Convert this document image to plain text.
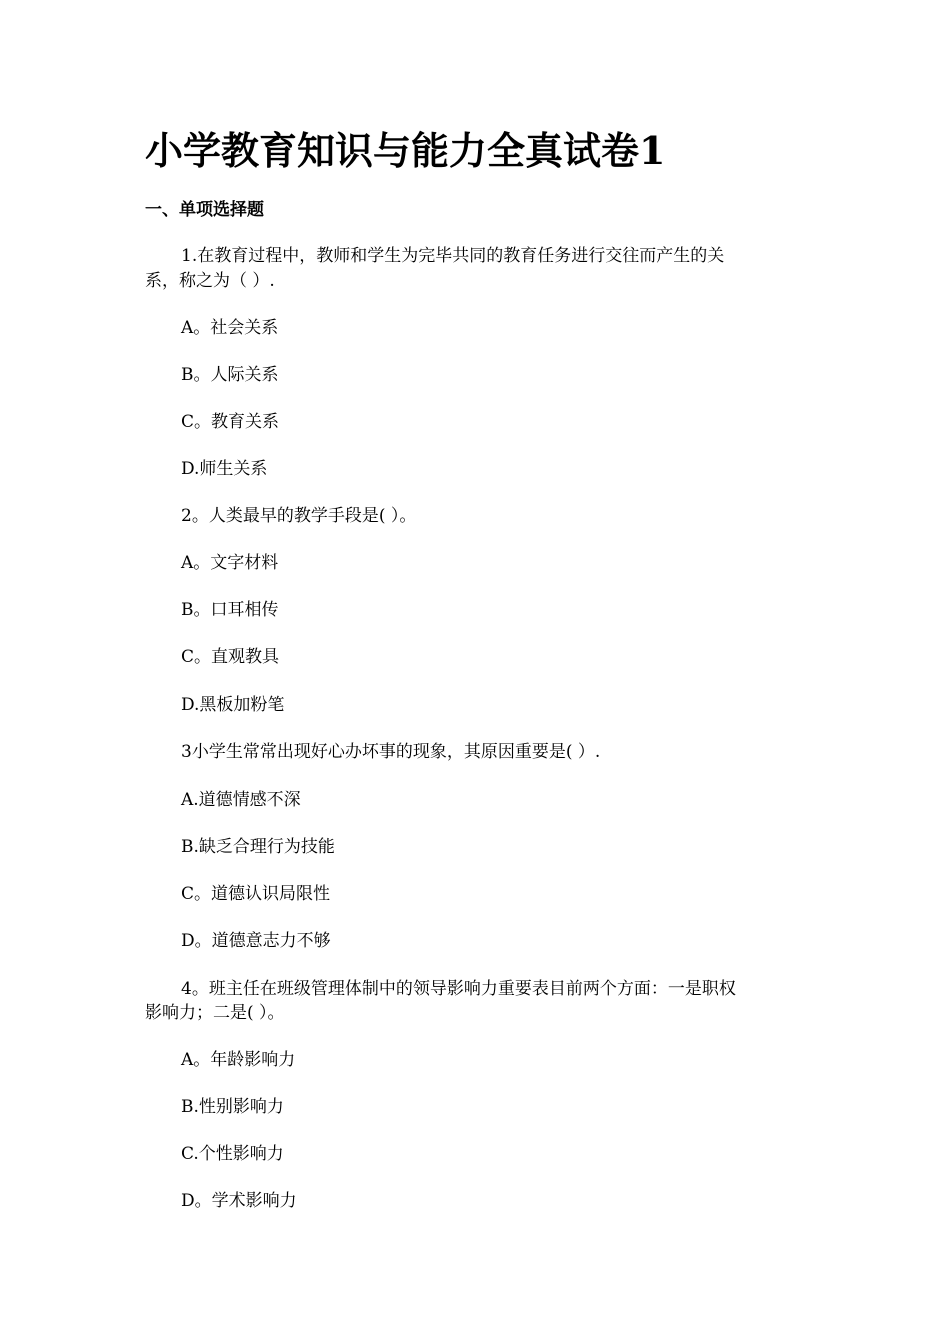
小学教育知识与能力全真试卷1
一、单项选择题

1.在教育过程中，教师和学生为完毕共同的教育任务进行交往而产生的关

系，称之为（ ）.

A。社会关系

B。人际关系

C。教育关系

D.师生关系

2。人类最早的教学手段是( ）。

A。文字材料

B。口耳相传

C。直观教具

D.黑板加粉笔

3小学生常常出现好心办坏事的现象，其原因重要是( ）.

A.道德情感不深

B.缺乏合理行为技能

C。道德认识局限性

D。道德意志力不够

4。班主任在班级管理体制中的领导影响力重要表目前两个方面：一是职权

影响力；二是( ）。

A。年龄影响力

B.性别影响力

C.个性影响力

D。学术影响力
